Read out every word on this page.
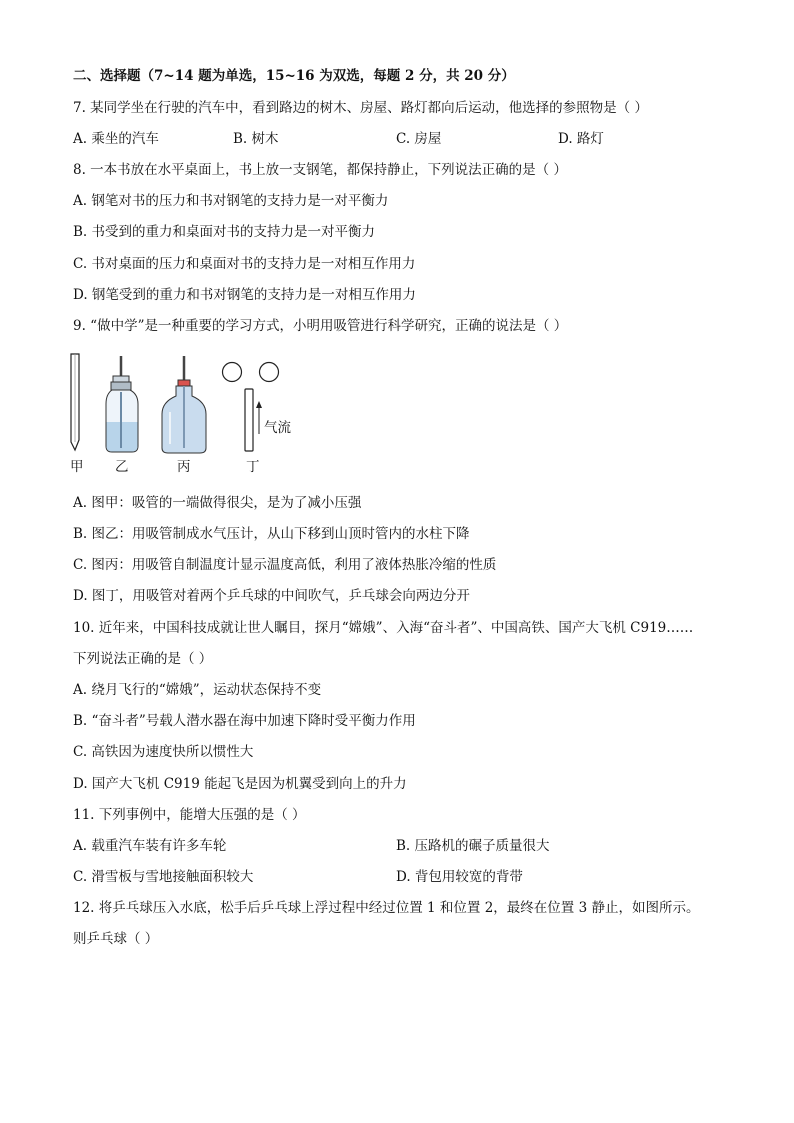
二、选择题（7~14 题为单选，15~16 为双选，每题 2 分，共 20 分）
7. 某同学坐在行驶的汽车中，看到路边的树木、房屋、路灯都向后运动，他选择的参照物是（ ）
A. 乘坐的汽车	B. 树木	C. 房屋	D. 路灯
8. 一本书放在水平桌面上，书上放一支钢笔，都保持静止，下列说法正确的是（ ）
A. 钢笔对书的压力和书对钢笔的支持力是一对平衡力
B. 书受到的重力和桌面对书的支持力是一对平衡力
C. 书对桌面的压力和桌面对书的支持力是一对相互作用力
D. 钢笔受到的重力和书对钢笔的支持力是一对相互作用力
9. “做中学”是一种重要的学习方式，小明用吸管进行科学研究，正确的说法是（ ）
气流
甲 乙	丙	丁
A. 图甲：吸管的一端做得很尖，是为了减小压强
B. 图乙：用吸管制成水气压计，从山下移到山顶时管内的水柱下降
C. 图丙：用吸管自制温度计显示温度高低，利用了液体热胀冷缩的性质
D. 图丁，用吸管对着两个乒乓球的中间吹气，乒乓球会向两边分开
10. 近年来，中国科技成就让世人瞩目，探月“嫦娥”、入海“奋斗者”、中国高铁、国产大飞机 C919……
下列说法正确的是（ ）
A. 绕月飞行的“嫦娥”，运动状态保持不变
B. “奋斗者”号载人潜水器在海中加速下降时受平衡力作用
C. 高铁因为速度快所以惯性大
D. 国产大飞机 C919 能起飞是因为机翼受到向上的升力
11. 下列事例中，能增大压强的是（ ）
A. 载重汽车装有许多车轮	B. 压路机的碾子质量很大
C. 滑雪板与雪地接触面积较大	D. 背包用较宽的背带
12. 将乒乓球压入水底，松手后乒乓球上浮过程中经过位置 1 和位置 2，最终在位置 3 静止，如图所示。
则乒乓球（ ）
